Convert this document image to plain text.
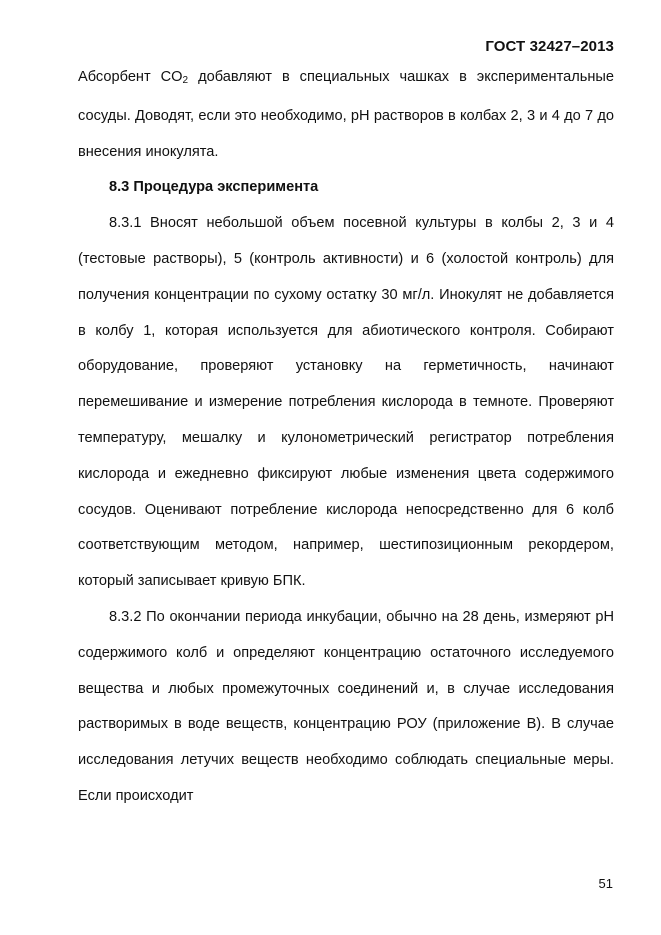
ГОСТ 32427–2013

Абсорбент $CO_2$ добавляют в специальных чашках в экспериментальные сосуды. Доводят, если это необходимо, pH растворов в колбах 2, 3 и 4 до 7 до внесения инокулята.

8.3 Процедура эксперимента

8.3.1 Вносят небольшой объем посевной культуры в колбы 2, 3 и 4 (тестовые растворы), 5 (контроль активности) и 6 (холостой контроль) для получения концентрации по сухому остатку 30 мг/л. Инокулят не добавляется в колбу 1, которая используется для абиотического контроля. Собирают оборудование, проверяют установку на герметичность, начинают перемешивание и измерение потребления кислорода в темноте. Проверяют температуру, мешалку и кулонометрический регистратор потребления кислорода и ежедневно фиксируют любые изменения цвета содержимого сосудов. Оценивают потребление кислорода непосредственно для 6 колб соответствующим методом, например, шестипозиционным рекордером, который записывает кривую БПК.

8.3.2 По окончании периода инкубации, обычно на 28 день, измеряют pH содержимого колб и определяют концентрацию остаточного исследуемого вещества и любых промежуточных соединений и, в случае исследования растворимых в воде веществ, концентрацию РОУ (приложение B). В случае исследования летучих веществ необходимо соблюдать специальные меры. Если происходит

51
